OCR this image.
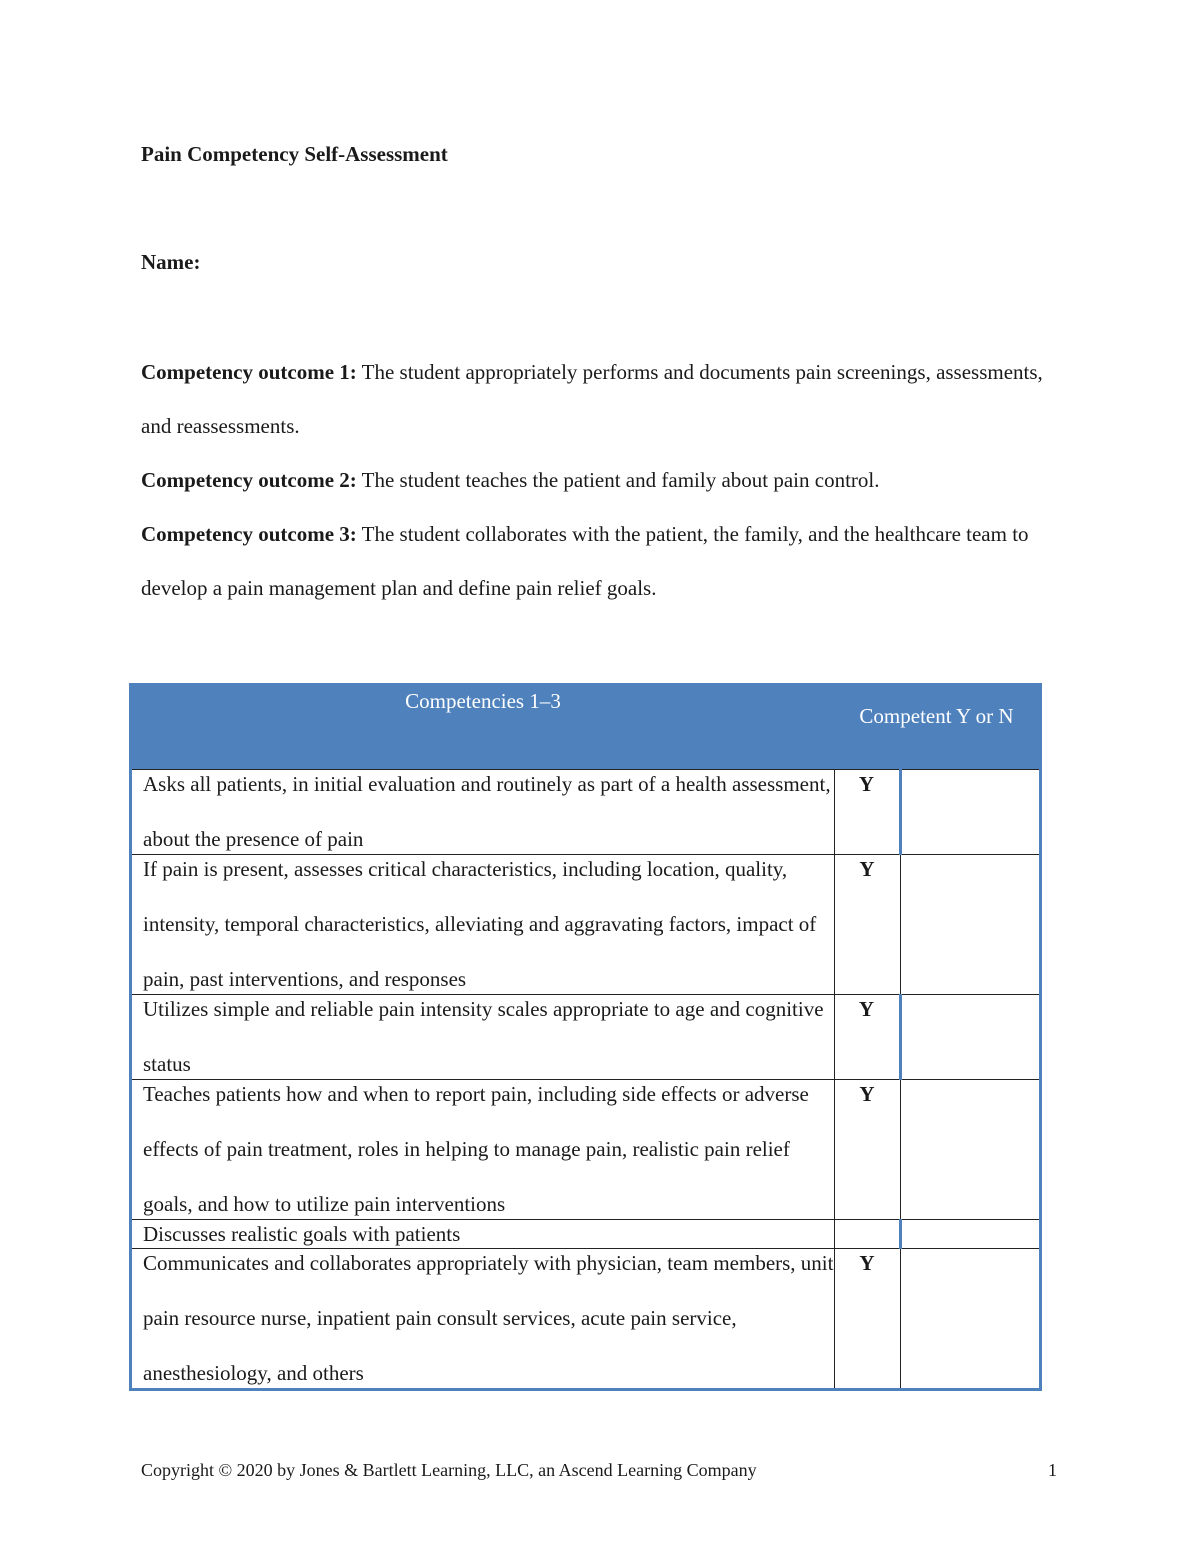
Pain Competency Self-Assessment
Name:

Competency outcome 1: The student appropriately performs and documents pain screenings, assessments, and reassessments.

Competency outcome 2: The student teaches the patient and family about pain control.

Competency outcome 3: The student collaborates with the patient, the family, and the healthcare team to develop a pain management plan and define pain relief goals.

Competencies 1–3	Competent Y or N	

Asks all patients, in initial evaluation and routinely as part of a health assessment, about the presence of pain	Y	

If pain is present, assesses critical characteristics, including location, quality, intensity, temporal characteristics, alleviating and aggravating factors, impact of pain, past interventions, and responses	Y	

Utilizes simple and reliable pain intensity scales appropriate to age and cognitive status	Y	

Teaches patients how and when to report pain, including side effects or adverse effects of pain treatment, roles in helping to manage pain, realistic pain relief goals, and how to utilize pain interventions	Y	

Discusses realistic goals with patients		

Communicates and collaborates appropriately with physician, team members, unit pain resource nurse, inpatient pain consult services, acute pain service, anesthesiology, and others	Y	

Copyright © 2020 by Jones & Bartlett Learning, LLC, an Ascend Learning Company	1
